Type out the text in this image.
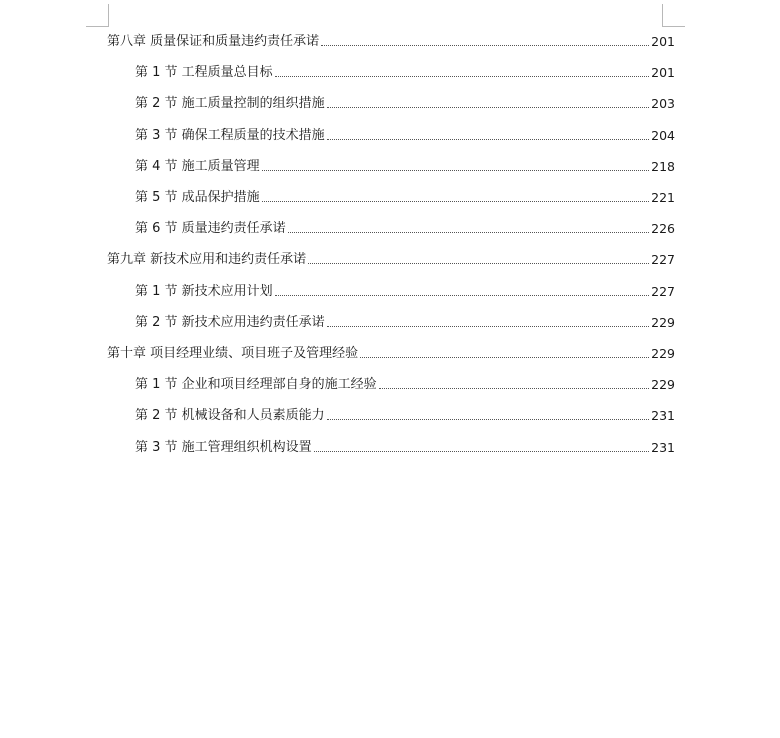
第八章 质量保证和质量违约责任承诺	201
第 1 节 工程质量总目标	201
第 2 节 施工质量控制的组织措施	203
第 3 节 确保工程质量的技术措施	204
第 4 节 施工质量管理	218
第 5 节 成品保护措施	221
第 6 节 质量违约责任承诺	226
第九章 新技术应用和违约责任承诺	227
第 1 节 新技术应用计划	227
第 2 节 新技术应用违约责任承诺	229
第十章 项目经理业绩、项目班子及管理经验	229
第 1 节 企业和项目经理部自身的施工经验	229
第 2 节 机械设备和人员素质能力	231
第 3 节 施工管理组织机构设置	231
